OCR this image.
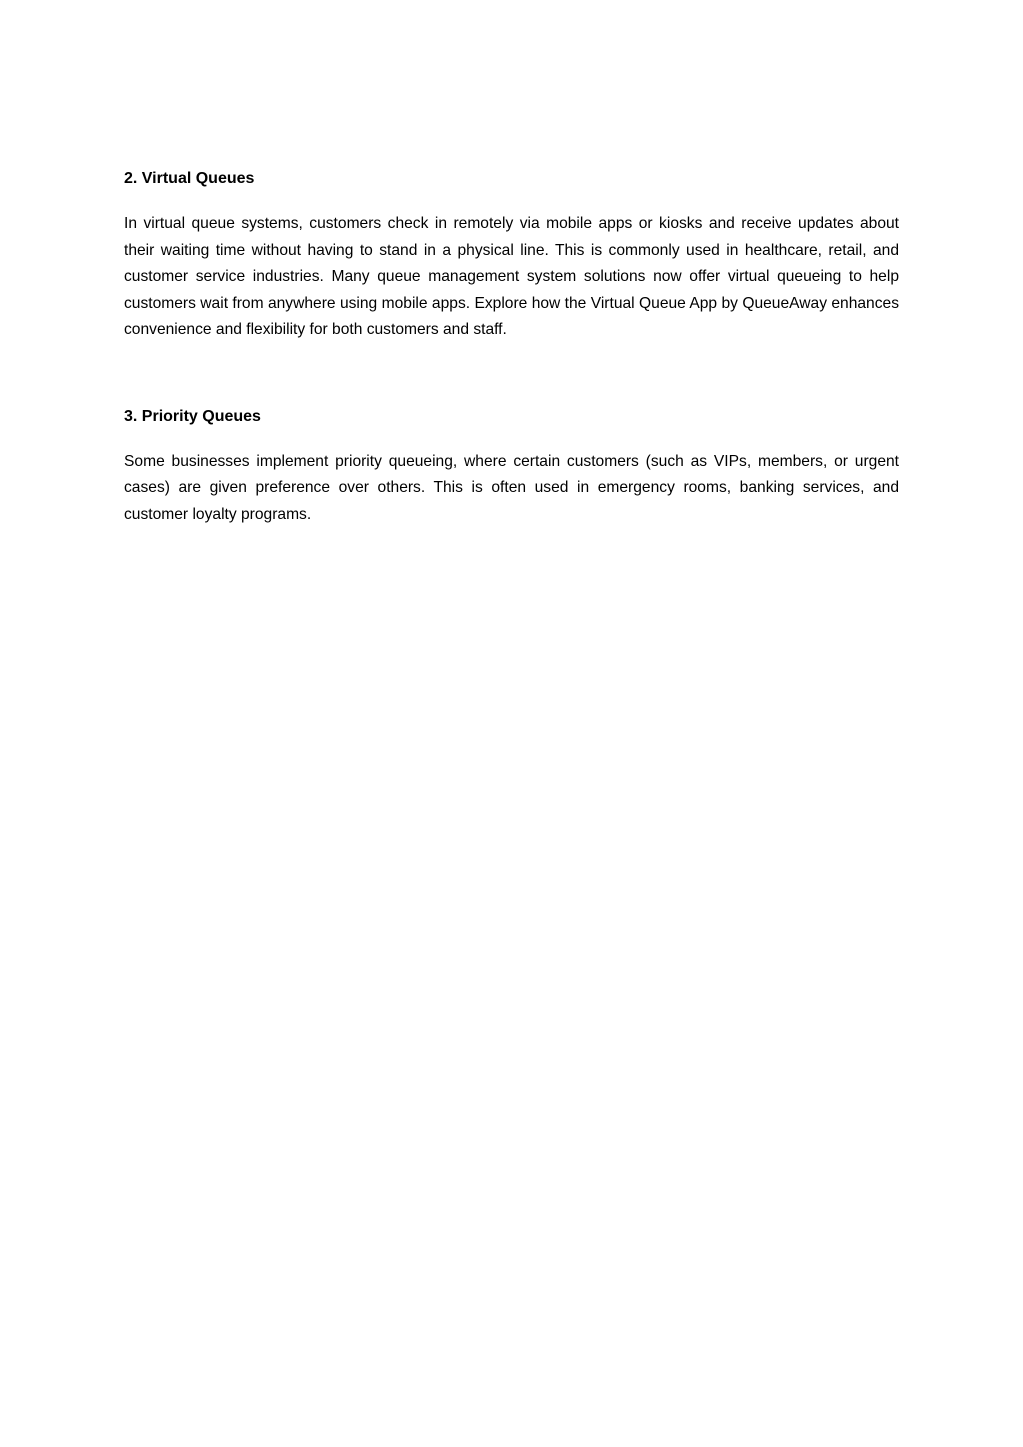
2. Virtual Queues

In virtual queue systems, customers check in remotely via mobile apps or kiosks and receive updates about their waiting time without having to stand in a physical line. This is commonly used in healthcare, retail, and customer service industries. Many queue management system solutions now offer virtual queueing to help customers wait from anywhere using mobile apps. Explore how the Virtual Queue App by QueueAway enhances convenience and flexibility for both customers and staff.

3. Priority Queues

Some businesses implement priority queueing, where certain customers (such as VIPs, members, or urgent cases) are given preference over others. This is often used in emergency rooms, banking services, and customer loyalty programs.
